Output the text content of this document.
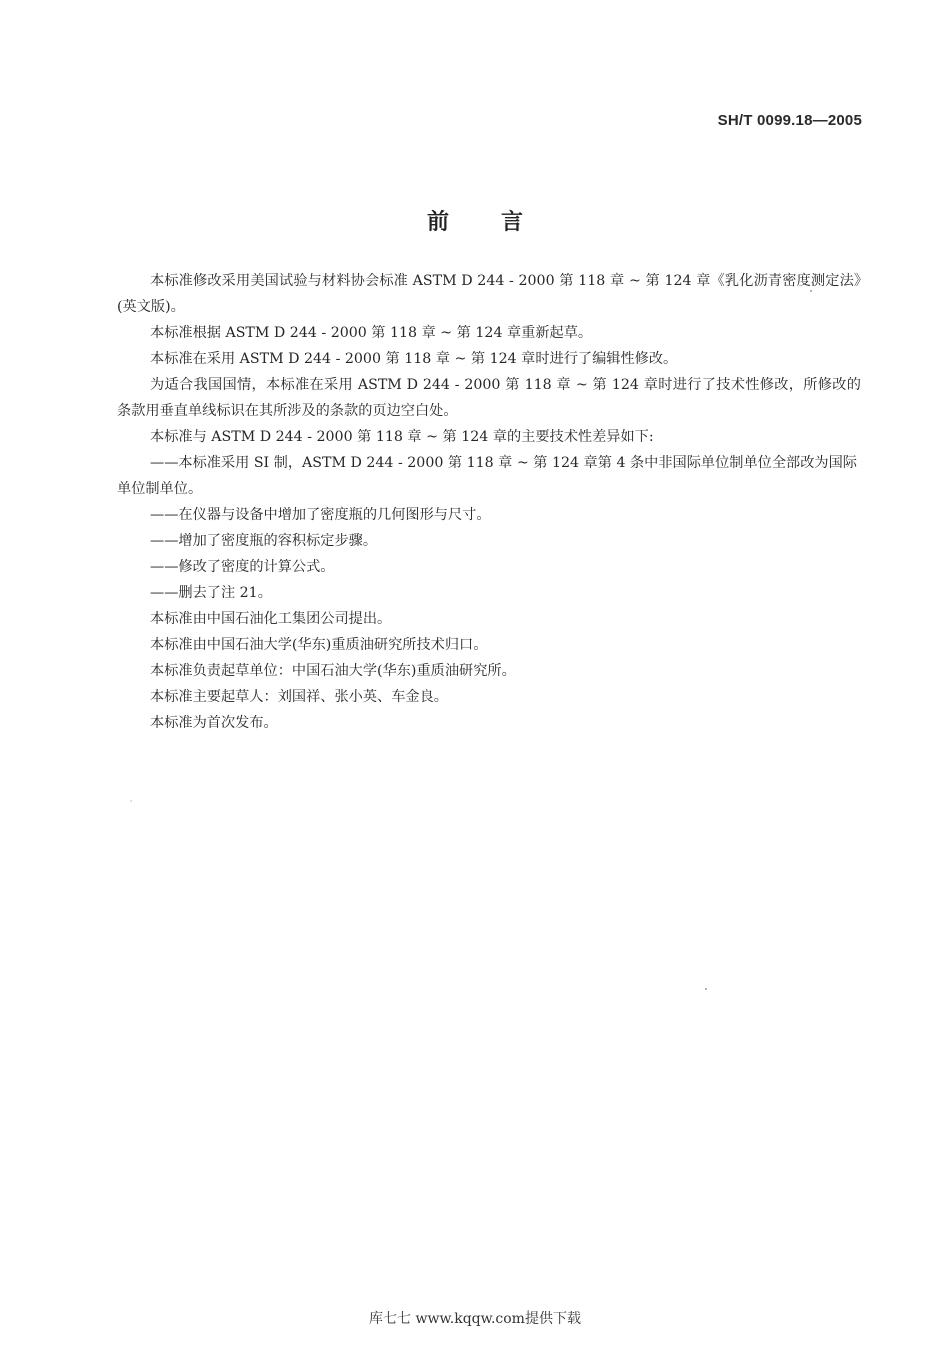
SH/T 0099.18—2005
前言

本标准修改采用美国试验与材料协会标准 ASTM D 244 - 2000 第 118 章 ~ 第 124 章《乳化沥青密度测定法》(英文版)。

本标准根据 ASTM D 244 - 2000 第 118 章 ~ 第 124 章重新起草。

本标准在采用 ASTM D 244 - 2000 第 118 章 ~ 第 124 章时进行了编辑性修改。

为适合我国国情，本标准在采用 ASTM D 244 - 2000 第 118 章 ~ 第 124 章时进行了技术性修改，所修改的条款用垂直单线标识在其所涉及的条款的页边空白处。

本标准与 ASTM D 244 - 2000 第 118 章 ~ 第 124 章的主要技术性差异如下:

——本标准采用 SI 制，ASTM D 244 - 2000 第 118 章 ~ 第 124 章第 4 条中非国际单位制单位全部改为国际单位制单位。

——在仪器与设备中增加了密度瓶的几何图形与尺寸。

——增加了密度瓶的容积标定步骤。

——修改了密度的计算公式。

——删去了注 21。

本标准由中国石油化工集团公司提出。

本标准由中国石油大学(华东)重质油研究所技术归口。

本标准负责起草单位：中国石油大学(华东)重质油研究所。

本标准主要起草人：刘国祥、张小英、车金良。

本标准为首次发布。

库七七 www.kqqw.com提供下载
